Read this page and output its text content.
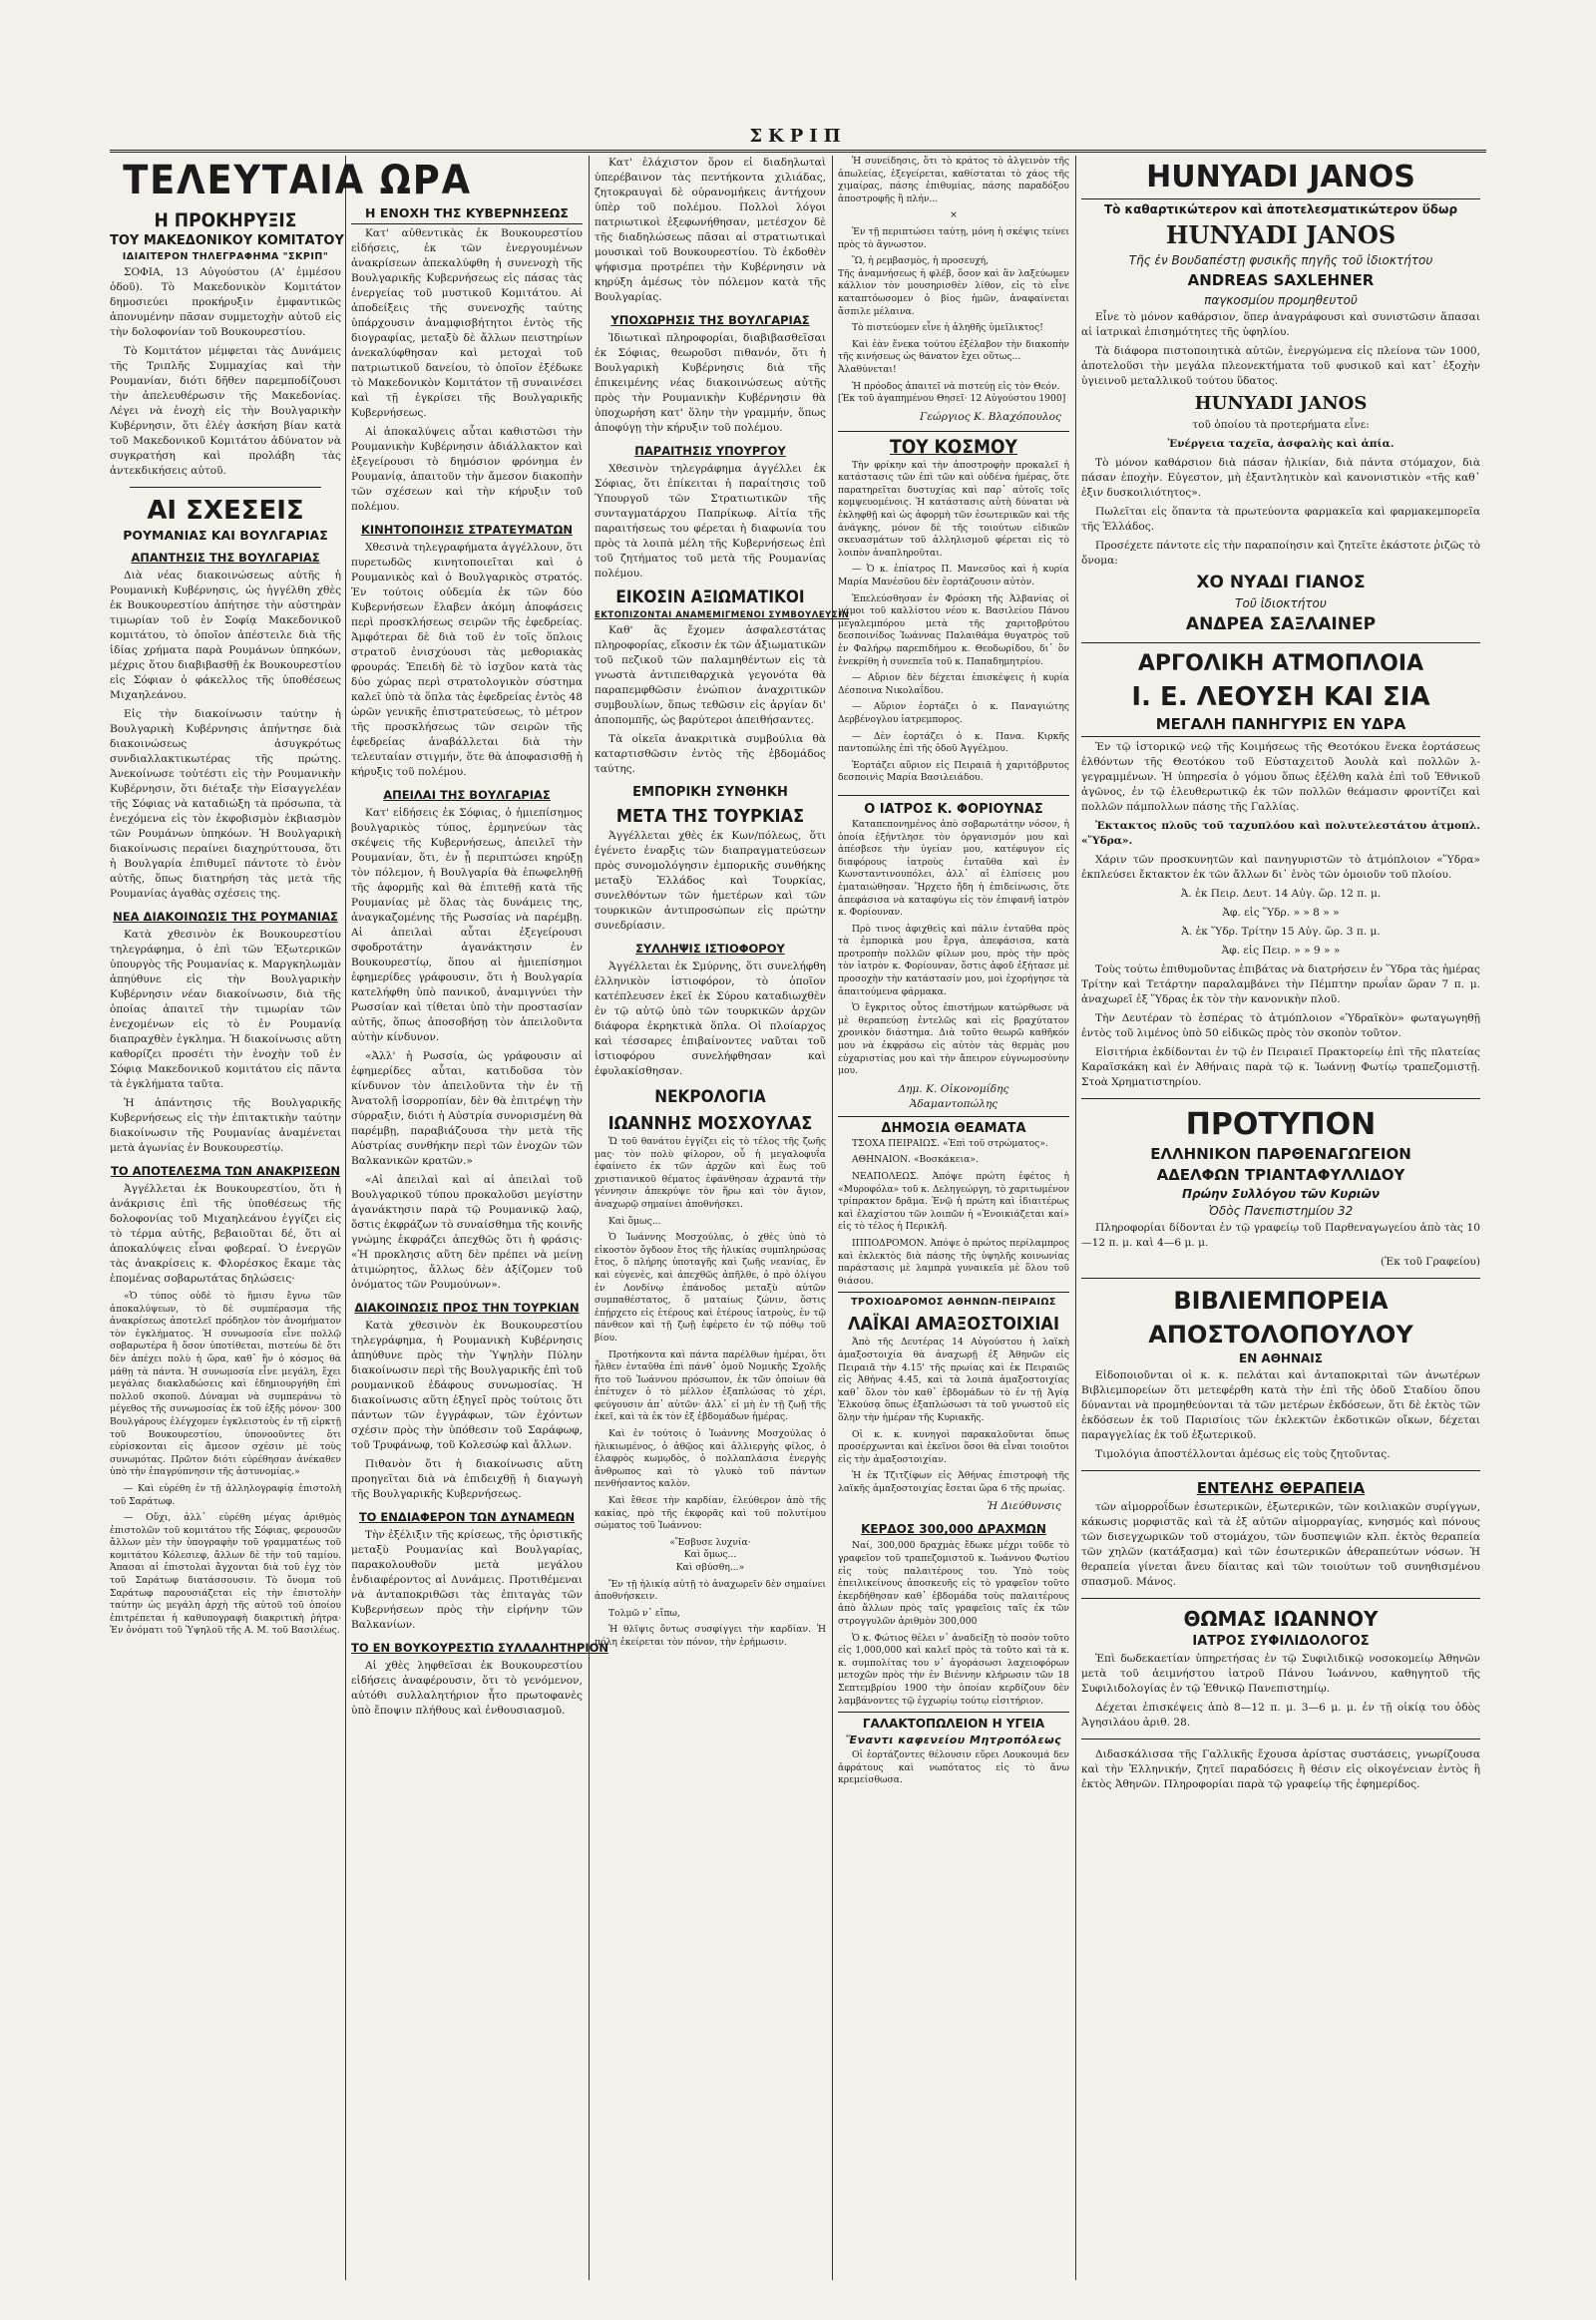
ΣΚΡΙΠ
ΤΕΛΕΥΤΑΙΑ ΩΡΑ
Η ΠΡΟΚΗΡΥΞΙΣ
ΤΟΥ ΜΑΚΕΔΟΝΙΚΟΥ ΚΟΜΙΤΑΤΟΥ
ΙΔΙΑΙΤΕΡΟΝ ΤΗΛΕΓΡΑΦΗΜΑ "ΣΚΡΙΠ"

ΣΟΦΙΑ, 13 Αὐγούστου (Α' ἐμμέσου ὁδοῦ). Τὸ Μακεδονικὸν Κομιτάτον δημοσιεύει προκήρυξιν ἐμφαντικῶς ἀπονυμένην πᾶσαν συμμετοχὴν αὐτοῦ εἰς τὴν δολοφονίαν τοῦ Βουκουρεστίου.

Τὸ Κομιτάτον μέμφεται τὰς Δυνάμεις τῆς Τριπλῆς Συμμαχίας καὶ τὴν Ρουμανίαν, διότι δῆθεν παρεμποδίζουσι τὴν ἀπελευθέρωσιν τῆς Μακεδονίας. Λέγει νὰ ἐνοχὴ εἰς τὴν Βουλγαρικὴν Κυβέρνησιν, ὅτι ἐλέγ ἀσκήση βίαν κατὰ τοῦ Μακεδονικοῦ Κομιτάτου ἀδύνατον νὰ συγκρατήση καὶ προλάβη τὰς ἀντεκδικήσεις αὐτοῦ.

ΑΙ ΣΧΕΣΕΙΣ
ΡΟΥΜΑΝΙΑΣ ΚΑΙ ΒΟΥΛΓΑΡΙΑΣ
ΑΠΑΝΤΗΣΙΣ ΤΗΣ ΒΟΥΛΓΑΡΙΑΣ

Διὰ νέας διακοινώσεως αὐτῆς ἡ Ρουμανικὴ Κυβέρνησις, ὡς ἠγγέλθη χθὲς ἐκ Βουκουρεστίου ἀπήτησε τὴν αὐστηρὰν τιμωρίαν τοῦ ἐν Σοφίᾳ Μακεδονικοῦ κομιτάτου, τὸ ὁποῖον ἀπέστειλε διὰ τῆς ἰδίας χρήματα παρὰ Ρουμάνων ὑπηκόων, μέχρις ὅτου διαβιβασθῇ ἐκ Βουκουρεστίου εἰς Σόφιαν ὁ φάκελλος τῆς ὑποθέσεως Μιχαηλεάνου.

Εἰς τὴν διακοίνωσιν ταύτην ἡ Βουλγαρικὴ Κυβέρνησις ἀπήντησε διὰ διακοινώσεως ἀσυγκρότως συνδιαλλακτικωτέρας τῆς πρώτης. Ἀνεκοίνωσε τοὐτέστι εἰς τὴν Ρουμανικὴν Κυβέρνησιν, ὅτι διέταξε τὴν Εἰσαγγελέαν τῆς Σόφιας νὰ καταδιώξη τὰ πρόσωπα, τὰ ἐνεχόμενα εἰς τὸν ἐκφοβισμὸν ἐκβιασμὸν τῶν Ρουμάνων ὑπηκόων. Ἡ Βουλγαρικὴ διακοίνωσις περαίνει διαχηρύττουσα, ὅτι ἡ Βουλγαρία ἐπιθυμεῖ πάντοτε τὸ ἐνὸν αὐτῆς, ὅπως διατηρήση τὰς μετὰ τῆς Ρουμανίας ἀγαθὰς σχέσεις της.

ΝΕΑ ΔΙΑΚΟΙΝΩΣΙΣ ΤΗΣ ΡΟΥΜΑΝΙΑΣ

Κατὰ χθεσινὸν ἐκ Βουκουρεστίου τηλεγράφημα, ὁ ἐπὶ τῶν Ἐξωτερικῶν ὑπουργὸς τῆς Ρουμανίας κ. Μαργκηλωμὰν ἀπηύθυνε εἰς τὴν Βουλγαρικὴν Κυβέρνησιν νέαν διακοίνωσιν, διὰ τῆς ὁποίας ἀπαιτεῖ τὴν τιμωρίαν τῶν ἐνεχομένων εἰς τὸ ἐν Ρουμανίᾳ διαπραχθὲν ἐγκλημα. Ἡ διακοίνωσις αὕτη καθορίζει προσέτι τὴν ἐνοχὴν τοῦ ἐν Σόφιᾳ Μακεδονικοῦ κομιτάτου εἰς πᾶντα τὰ ἐγκλήματα ταῦτα.

Ἡ ἀπάντησις τῆς Βουλγαρικῆς Κυβερνήσεως εἰς τὴν ἐπιτακτικὴν ταύτην διακοίνωσιν τῆς Ρουμανίας ἀναμένεται μετὰ ἀγωνίας ἐν Βουκουρεστίῳ.

ΤΟ ΑΠΟΤΕΛΕΣΜΑ ΤΩΝ ΑΝΑΚΡΙΣΕΩΝ

Ἀγγέλλεται ἐκ Βουκουρεστίου, ὅτι ἡ ἀνάκρισις ἐπὶ τῆς ὑποθέσεως τῆς δολοφονίας τοῦ Μιχαηλεάνου ἐγγίζει εἰς τὸ τέρμα αὐτῆς, βεβαιοῦται δέ, ὅτι αἱ ἀποκαλύψεις εἶναι φοβεραί. Ὁ ἐνεργῶν τὰς ἀνακρίσεις κ. Φλορέσκος ἔκαμε τὰς ἑπομένας σοβαρωτάτας δηλώσεις·

«Ὁ τύπος οὐδὲ τὸ ἥμισυ ἔγνω τῶν ἀποκαλύψεων, τὸ δὲ συμπέρασμα τῆς ἀνακρίσεως ἀποτελεῖ πρόδηλον τὸν ἀνομήματον τὸν ἐγκλήματος. Ἡ συνωμοσία εἶνε πολλῷ σοβαρωτέρα ἢ ὅσον ὑποτίθεται, πιστεύω δὲ ὅτι δὲν ἀπέχει πολὺ ἡ ὥρα, καθ᾽ ἣν ὁ κόσμος θὰ μάθῃ τὰ πάντα. Ἡ συνωμοσία εἶνε μεγάλη, ἔχει μεγάλας διακλαδώσεις καὶ ἐδημιουργήθη ἐπὶ πολλοῦ σκοποῦ. Δύναμαι νὰ συμπεράνω τὸ μέγεθος τῆς συνωμοσίας ἐκ τοῦ ἐξῆς μόνον· 300 Βουλγάρους ἐλέγχομεν ἐγκλειστοὺς ἐν τῇ εἱρκτῇ τοῦ Βουκουρεστίου, ὑπονοοῦντες ὅτι εὑρίσκονται εἰς ἄμεσον σχέσιν μὲ τοὺς συνωμότας. Πρῶτον διότι εὑρέθησαν ἀνέκαθεν ὑπὸ τὴν ἐπαγρύπνησιν τῆς ἀστυνομίας.»

— Καὶ εὑρέθη ἐν τῇ ἀλληλογραφίᾳ ἐπιστολὴ τοῦ Σαράτωφ.

— Οὔχι, ἀλλ᾽ εὑρέθη μέγας ἀριθμὸς ἐπιστολῶν τοῦ κομιτάτου τῆς Σόφιας, φερουσῶν ἄλλων μὲν τὴν ὑπογραφὴν τοῦ γραμματέως τοῦ κομιτάτου Κόλεσιεφ, ἄλλων δὲ τὴν τοῦ ταμίου. Ἀπασαι αἱ ἐπιστολαὶ ἄγχονται διὰ τοῦ ἐγχ τὸν τοῦ Σαράτωφ διατάσσουσιν. Τὸ ὄνομα τοῦ Σαράτωφ παρουσιάζεται εἰς τὴν ἐπιστολὴν ταύτην ὡς μεγάλη ἀρχὴ τῆς αὐτοῦ τοῦ ὁποίου ἐπιτρέπεται ἡ καθυπογραφὴ διακριτικὴ ῥήτρα· Ἐν ὀνόματι τοῦ Ὑψηλοῦ τῆς Α. Μ. τοῦ Βασιλέως.

Η ΕΝΟΧΗ ΤΗΣ ΚΥΒΕΡΝΗΣΕΩΣ

Κατ' αὐθεντικὰς ἐκ Βουκουρεστίου εἰδήσεις, ἐκ τῶν ἐνεργουμένων ἀνακρίσεων ἀπεκαλύφθη ἡ συνενοχὴ τῆς Βουλγαρικῆς Κυβερνήσεως εἰς πάσας τὰς ἐνεργείας τοῦ μυστικοῦ Κομιτάτου. Αἱ ἀποδείξεις τῆς συνενοχῆς ταύτης ὑπάρχουσιν ἀναμφισβήτητοι ἐντὸς τῆς διογραφίας, μεταξὺ δὲ ἄλλων πειστηρίων ἀνεκαλύφθησαν καὶ μετοχαὶ τοῦ πατριωτικοῦ δανείου, τὸ ὁποῖον ἐξέδωκε τὸ Μακεδονικὸν Κομιτάτον τῇ συναινέσει καὶ τῇ ἐγκρίσει τῆς Βουλγαρικῆς Κυβερνήσεως.

Αἱ ἀποκαλύψεις αὗται καθιστῶσι τὴν Ρουμανικὴν Κυβέρνησιν ἀδιάλλακτον καὶ ἐξεγείρουσι τὸ δημόσιον φρόνημα ἐν Ρουμανίᾳ, ἀπαιτοῦν τὴν ἄμεσον διακοπὴν τῶν σχέσεων καὶ τὴν κήρυξιν τοῦ πολέμου.

ΚΙΝΗΤΟΠΟΙΗΣΙΣ ΣΤΡΑΤΕΥΜΑΤΩΝ

Χθεσινὰ τηλεγραφήματα ἀγγέλλουν, ὅτι πυρετωδῶς κινητοποιεῖται καὶ ὁ Ρουμανικὸς καὶ ὁ Βουλγαρικὸς στρατός. Ἐν τούτοις οὐδεμία ἐκ τῶν δύο Κυβερνήσεων ἔλαβεν ἀκόμη ἀποφάσεις περὶ προσκλήσεως σειρῶν τῆς ἐφεδρείας. Ἀμφότεραι δὲ διὰ τοῦ ἐν τοῖς ὅπλοις στρατοῦ ἐνισχύουσι τὰς μεθοριακὰς φρουράς. Ἐπειδὴ δὲ τὸ ἰσχῦον κατὰ τὰς δύο χώρας περὶ στρατολογικὸν σύστημα καλεῖ ὑπὸ τὰ ὅπλα τὰς ἐφεδρείας ἐντὸς 48 ὡρῶν γενικῆς ἐπιστρατεύσεως, τὸ μέτρον τῆς προσκλήσεως τῶν σειρῶν τῆς ἐφεδρείας ἀναβάλλεται διὰ τὴν τελευταίαν στιγμήν, ὅτε θὰ ἀποφασισθῇ ἡ κήρυξις τοῦ πολέμου.

ΑΠΕΙΛΑΙ ΤΗΣ ΒΟΥΛΓΑΡΙΑΣ

Κατ' εἰδήσεις ἐκ Σόφιας, ὁ ἡμιεπίσημος βουλγαρικὸς τύπος, ἑρμηνεύων τὰς σκέψεις τῆς Κυβερνήσεως, ἀπειλεῖ τὴν Ρουμανίαν, ὅτι, ἐν ᾗ περιπτώσει κηρύξῃ τὸν πόλεμον, ἡ Βουλγαρία θὰ ἐπωφεληθῇ τῆς ἀφορμῆς καὶ θὰ ἐπιτεθῇ κατὰ τῆς Ρουμανίας μὲ ὅλας τὰς δυνάμεις της, ἀναγκαζομένης τῆς Ρωσσίας νὰ παρέμβῃ. Αἱ ἀπειλαὶ αὗται ἐξεγείρουσι σφοδροτάτην ἀγανάκτησιν ἐν Βουκουρεστίῳ, ὅπου αἱ ἡμιεπίσημοι ἐφημερίδες γράφουσιν, ὅτι ἡ Βουλγαρία κατελήφθη ὑπὸ πανικοῦ, ἀναμιγνύει τὴν Ρωσσίαν καὶ τίθεται ὑπὸ τὴν προστασίαν αὐτῆς, ὅπως ἀποσοβήσῃ τὸν ἀπειλοῦντα αὐτὴν κίνδυνον.

«Ἀλλ' ἡ Ρωσσία, ὡς γράφουσιν αἱ ἐφημερίδες αὗται, κατιδοῦσα τὸν κίνδυνον τὸν ἀπειλοῦντα τὴν ἐν τῇ Ἀνατολῇ ἰσορροπίαν, δὲν θὰ ἐπιτρέψῃ τὴν σύρραξιν, διότι ἡ Αὐστρία συνορισμένη θὰ παρέμβῃ, παραβιάζουσα τὴν μετὰ τῆς Αὐστρίας συνθήκην περὶ τῶν ἐνοχῶν τῶν Βαλκανικῶν κρατῶν.»

«Αἱ ἀπειλαὶ καὶ αἱ ἀπειλαὶ τοῦ Βουλγαρικοῦ τύπου προκαλοῦσι μεγίστην ἀγανάκτησιν παρὰ τῷ Ρουμανικῷ λαῷ, ὅστις ἐκφράζων τὸ συναίσθημα τῆς κοινῆς γνώμης ἐκφράζει ἀπεχθῶς ὅτι ἡ φράσις· «Ἡ προκλησις αὕτη δὲν πρέπει νὰ μείνῃ ἀτιμώρητος, ἄλλως δὲν ἀξίζομεν τοῦ ὀνόματος τῶν Ρουμούνων».

ΔΙΑΚΟΙΝΩΣΙΣ ΠΡΟΣ ΤΗΝ ΤΟΥΡΚΙΑΝ

Κατὰ χθεσινὸν ἐκ Βουκουρεστίου τηλεγράφημα, ἡ Ρουμανικὴ Κυβέρνησις ἀπηύθυνε πρὸς τὴν Ὑψηλὴν Πύλην διακοίνωσιν περὶ τῆς Βουλγαρικῆς ἐπὶ τοῦ ρουμανικοῦ ἐδάφους συνωμοσίας. Ἡ διακοίνωσις αὕτη ἐξηγεῖ πρὸς τούτοις ὅτι πάντων τῶν ἐγγράφων, τῶν ἐχόντων σχέσιν πρὸς τὴν ὑπόθεσιν τοῦ Σαράφωφ, τοῦ Τρυφάνωφ, τοῦ Κολεσώφ καὶ ἄλλων.

Πιθανὸν ὅτι ἡ διακοίνωσις αὕτη προηγεῖται διὰ νὰ ἐπιδειχθῇ ἡ διαγωγὴ τῆς Βουλγαρικῆς Κυβερνήσεως.

ΤΟ ΕΝΔΙΑΦΕΡΟΝ ΤΩΝ ΔΥΝΑΜΕΩΝ

Τὴν ἐξέλιξιν τῆς κρίσεως, τῆς ὁριστικῆς μεταξὺ Ρουμανίας καὶ Βουλγαρίας, παρακολουθοῦν μετὰ μεγάλου ἐνδιαφέροντος αἱ Δυνάμεις. Προτιθέμεναι νὰ ἀνταποκριθῶσι τὰς ἐπιταγὰς τῶν Κυβερνήσεων πρὸς τὴν εἰρήνην τῶν Βαλκανίων.

ΤΟ ΕΝ ΒΟΥΚΟΥΡΕΣΤΙΩ ΣΥΛΛΑΛΗΤΗΡΙΟΝ

Αἱ χθὲς ληφθεῖσαι ἐκ Βουκουρεστίου εἰδήσεις ἀναφέρουσιν, ὅτι τὸ γενόμενον, αὐτόθι συλλαλητήριον ἦτο πρωτοφανὲς ὑπὸ ἔποψιν πλήθους καὶ ἐνθουσιασμοῦ.

Κατ' ἐλάχιστον ὅρον εἰ διαδηλωταὶ ὑπερέβαινον τὰς πεντήκοντα χιλιάδας, ζητοκραυγαὶ δὲ οὐρανομήκεις ἀντήχουν ὑπὲρ τοῦ πολέμου. Πολλοὶ λόγοι πατριωτικοὶ ἐξεφωνήθησαν, μετέσχον δὲ τῆς διαδηλώσεως πᾶσαι αἱ στρατιωτικαὶ μουσικαὶ τοῦ Βουκουρεστίου. Τὸ ἐκδοθὲν ψήφισμα προτρέπει τὴν Κυβέρνησιν νὰ κηρύξη ἀμέσως τὸν πόλεμον κατὰ τῆς Βουλγαρίας.

ΥΠΟΧΩΡΗΣΙΣ ΤΗΣ ΒΟΥΛΓΑΡΙΑΣ

Ἰδιωτικαὶ πληροφορίαι, διαβιβασθεῖσαι ἐκ Σόφιας, θεωροῦσι πιθανόν, ὅτι ἡ Βουλγαρικὴ Κυβέρνησις διὰ τῆς ἐπικειμένης νέας διακοινώσεως αὐτῆς πρὸς τὴν Ρουμανικὴν Κυβέρνησιν θὰ ὑποχωρήση κατ' ὅλην τὴν γραμμήν, ὅπως ἀποφύγῃ τὴν κήρυξιν τοῦ πολέμου.

ΠΑΡΑΙΤΗΣΙΣ ΥΠΟΥΡΓΟΥ

Χθεσινὸν τηλεγράφημα ἀγγέλλει ἐκ Σόφιας, ὅτι ἐπίκειται ἡ παραίτησις τοῦ Ὑπουργοῦ τῶν Στρατιωτικῶν τῆς συνταγματάρχου Παπρίκωφ. Αἰτία τῆς παραιτήσεως του φέρεται ἡ διαφωνία του πρὸς τὰ λοιπὰ μέλη τῆς Κυβερνήσεως ἐπὶ τοῦ ζητήματος τοῦ μετὰ τῆς Ρουμανίας πολέμου.

ΕΙΚΟΣΙΝ ΑΞΙΩΜΑΤΙΚΟΙ
ΕΚΤΟΠΙΖΟΝΤΑΙ ΑΝΑΜΕΜΙΓΜΕΝΟΙ ΣΥΜΒΟΥΛΕΥΣΙΝ

Καθ' ἃς ἔχομεν ἀσφαλεστάτας πληροφορίας, εἴκοσιν ἐκ τῶν ἀξιωματικῶν τοῦ πεζικοῦ τῶν παλαμηθέντων εἰς τὰ γνωστὰ ἀντιπειθαρχικὰ γεγονότα θὰ παραπεμφθῶσιν ἐνώπιον ἀναχριτικῶν συμβουλίων, ὅπως τεθῶσιν εἰς ἀργίαν δι' ἀποπομπῆς, ὡς βαρύτεροι ἀπειθήσαντες.

Τὰ οἰκεῖα ἀνακριτικὰ συμβούλια θὰ καταρτισθῶσιν ἐντὸς τῆς ἑβδομάδος ταύτης.

ΕΜΠΟΡΙΚΗ ΣΥΝΘΗΚΗ
ΜΕΤΑ ΤΗΣ ΤΟΥΡΚΙΑΣ

Ἀγγέλλεται χθὲς ἐκ Κων/πόλεως, ὅτι ἐγένετο ἐναρξις τῶν διαπραγματεύσεων πρὸς συνομολόγησιν ἐμπορικῆς συνθήκης μεταξὺ Ἑλλάδος καὶ Τουρκίας, συνελθόντων τῶν ἡμετέρων καὶ τῶν τουρκικῶν ἀντιπροσώπων εἰς πρώτην συνεδρίασιν.

ΣΥΛΛΗΨΙΣ ΙΣΤΙΟΦΟΡΟΥ

Ἀγγέλλεται ἐκ Σμύρνης, ὅτι συνελήφθη ἑλληνικὸν ἰστιοφόρον, τὸ ὁποῖον κατέπλευσεν ἐκεῖ ἐκ Σύρου καταδιωχθὲν ἐν τῷ αὐτῷ ὑπὸ τῶν τουρκικῶν ἀρχῶν διάφορα ἐκρηκτικὰ ὅπλα. Οἱ πλοίαρχος καὶ τέσσαρες ἐπιβαίνοντες ναῦται τοῦ ἰστιοφόρου συνελήφθησαν καὶ ἐφυλακίσθησαν.

ΝΕΚΡΟΛΟΓΙΑ
ΙΩΑΝΝΗΣ ΜΟΣΧΟΥΛΑΣ

Ὤ τοῦ θανάτου ἐγγίζει εἰς τὸ τέλος τῆς ζωῆς μας· τὸν πολὺ φίλορον, οὗ ἡ μεγαλοφυΐα ἐφαίνετο ἐκ τῶν ἀρχῶν καὶ ἕως τοῦ χριστιανικοῦ θέματος ἐφάνθησαν ἀχραντά τὴν γέννησιν ἀπεκρύψε τὸν ἥρω καὶ τὸν ἄγιον, ἀναχωρῷ σημαίνει ἀποθνήσκει.

Καὶ ὅμως...

Ὁ Ἰωάννης Μοσχούλας, ὁ χθὲς ὑπὸ τὸ εἰκοστὸν ὄγδοον ἔτος τῆς ἡλικίας συμπληρώσας ἔτος, ὃ πλήρης ὑποταγῆς καὶ ζωῆς νεανίας, ἕν καὶ εὐγενὲς, καὶ ἀπεχθῶς ἀπῆλθε, ὁ πρὸ ὀλίγου ἐν Λονδίνῳ ἐπάνοδος μεταξὺ αὐτῶν συμπαθέστατος, ὅ ματαίως ζώνιν, ὅστις ἐπῄρχετο εἰς ἑτέρους καὶ ἑτέρους ἰατροὺς, ἐν τῷ πάνθεον καὶ τῇ ζωῇ ἐφέρετο ἐν τῷ πόθῳ τοῦ βίου.

Προτήκοντα καὶ πάντα παρέλθων ἡμέραι, ὅτι ἦλθεν ἐνταῦθα ἐπὶ πάνθ᾽ ὁμοῦ Νομικῆς Σχολῆς ἥτο τοῦ Ἰωάννου πρόσωπον, ἐκ τῶν ὁποίων θὰ ἐπέτυχεν ὁ τὸ μέλλον ἐξαπλώσας τὸ χέρι, φεύγουσιν ἀπ᾽ αὐτῶν· ἀλλ᾽ εἰ μὴ ἐν τῇ ζωῇ τῆς ἐκεῖ, καὶ τὰ ἐκ τὸν ἐξ ἑβδομάδων ἡμέρας.

Καὶ ἐν τούτοις ὁ Ἰωάννης Μοσχούλας ὁ ἡλικιωμένος, ὁ ἀθῷος καὶ ἀλλιεργὴς φίλος, ὁ ἐλαφρὸς κωμῳδὸς, ὁ πολλαπλάσια ἐνεργὴς ἄνθρωπος καὶ τὸ γλυκὸ τοῦ πάντων πενθήσαντος καλὸν.

Καὶ ἔθεσε τὴν καρδίαν, ἐλεύθερον ἀπὸ τῆς κακίας, πρὸ τῆς ἐκφορᾶς καὶ τοῦ πολυτίμου σώματος τοῦ Ἰωάννου:

«Ἔσβυσε λυχνία·
Καὶ ὅμως...
Καὶ σβύσθη...»

Ἔν τῇ ἡλικίᾳ αὐτῇ τὸ ἀναχωρεῖν δὲν σημαίνει ἀποθνήσκειν.

Τολμῶ ν᾽ εἴπω,

Ἡ θλῖψις ὄντως συσφίγγει τὴν καρδίαν. Ἡ πόλη ἐκείρεται τὸν πόνον, τὴν ἐρήμωσιν.

Ἡ συνείδησις, ὅτι τὸ κράτος τὸ ἀλγεινὸν τῆς ἀπωλείας, ἐξεγείρεται, καθίσταται τὸ χάος τῆς χιμαίρας, πάσης ἐπιθυμίας, πάσης παραδόξου ἀποστροφῆς ἢ πλήν...

×

Ἐν τῇ περιπτώσει ταύτῃ, μόνη ἡ σκέψις τείνει πρὸς τὸ ἄγνωστον.

Ὢ, ἡ ρεμβασμὸς, ἡ προσευχή,
Τῆς ἀναμνήσεως ἡ φλέβ, ὅσον καὶ ἂν λαξεύωμεν κάλλιον τὸν μουσηρισθὲν λίθον, εἰς τὸ εἶνε καταπτόωσομεν ὁ βίος ἡμῶν, ἀναφαίνεται ἄσπιλε μέλαινα.

Τὸ πιστεύομεν εἶνε ἡ ἀληθῆς ὑμεῖλικτος!

Καὶ ἐὰν ἕνεκα τούτου ἐξέλαβον τὴν διακοπὴν τῆς κινήσεως ὡς θάνατον ἔχει οὕτως...
Ἀλαθύνεται!

Ἡ πρόοδος ἀπαιτεῖ νὰ πιστεύῃ εἰς τὸν Θεόν.
[Ἐκ τοῦ ἀγαπημένου Θησεῖ· 12 Αὐγούστου 1900]

Γεώργιος Κ. Βλαχόπουλος
ΤΟΥ ΚΟΣΜΟΥ

Τὴν φρίκην καὶ τὴν ἀποστροφὴν προκαλεῖ ἡ κατάστασις τῶν ἐπὶ τῶν καὶ οὐδένα ἡμέρας, ὅτε παρατηρεῖται δυστυχίας καὶ παρ᾽ αὐτοῖς τοῖς κομψευομένοις. Ἡ κατάστασις αὐτὴ δύναται νὰ ἐκληφθῇ καὶ ὡς ἀφορμὴ τῶν ἐσωτερικῶν καὶ τῆς ἀνάγκης, μόνον δὲ τῆς τοιούτων εἰδικῶν σκευασμάτων τοῦ ἀλληλισμοῦ φέρεται εἰς τὸ λοιπὸν ἀναπληροῦται.

— Ὁ κ. ἐπίατρος Π. Μανεσῦος καὶ ἡ κυρία Μαρία Μανέσῦου δὲν ἐορτάζουσιν αὐτὸν.

Ἐπελεύσθησαν ἐν Φρόσκη τῆς Ἀλβανίας οἱ γάμοι τοῦ καλλίστου νέου κ. Βασιλείου Πάνου μεγαλεμπόρου μετὰ τῆς χαριτοβρύτου δεσποινίδος Ἰωάννας Παλαιθάμα θυγατρὸς τοῦ ἐν Φαλήρῳ παρεπιδήμου κ. Θεοδωρίδου, δι᾽ ὃν ἐνεκρίθη ἡ συνεπεῖα τοῦ κ. Παπαδημητρίου.

— Αὔριον δὲν δέχεται ἐπισκέψεις ἡ κυρία Δέσποινα Νικολαΐδου.

— Αὔριον ἑορτάζει ὁ κ. Παναγιώτης Δερβένογλου ἰατρεμπορος.

— Δὲν ἑορτάζει ὁ κ. Πανα. Κιρκῆς παντοπώλης ἐπὶ τῆς ὁδοῦ Ἀγγέλμου.

Ἑορτάζει αὔριον εἰς Πειραιᾶ ἡ χαριτόβρυτος δεσποινὶς Μαρία Βασιλειάδου.

Ο ΙΑΤΡΟΣ Κ. ΦΟΡΙΟΥΝΑΣ

Καταπεπονημένος ἀπὸ σοβαρωτάτην νόσον, ἡ ὁποία ἐξήντλησε τὸν ὀργανισμόν μου καὶ ἀπέσβεσε τὴν ὑγείαν μου, κατέφυγον εἰς διαφόρους ἰατροὺς ἐνταῦθα καὶ ἐν Κωνσταντινουπόλει, ἀλλ᾽ αἱ ἐλπίσεις μου ἐματαιώθησαν. Ἤρχετο ἤδη ἡ ἐπιδείνωσις, ὅτε ἀπεφάσισα νὰ καταφύγω εἰς τὸν ἐπιφανῆ ἰατρὸν κ. Φορίουναν.

Πρὸ τινος ἀφιχθεὶς καὶ πάλιν ἐνταῦθα πρὸς τὰ ἐμπορικὰ μου ἔργα, ἀπεφάσισα, κατὰ προτροπὴν πολλῶν φίλων μου, πρὸς τὴν πρὸς τὸν ἰατρὸν κ. Φορίουναν, ὅστις ἀφοῦ ἐξήτασε μὲ προσοχὴν τὴν κατάστασίν μου, μοὶ ἐχορήγησε τὰ ἀπαιτούμενα φάρμακα.

Ὁ ἔγκριτος οὗτος ἐπιστήμων κατώρθωσε νὰ μὲ θεραπεύσῃ ἐντελῶς καὶ εἰς βραχύτατον χρονικὸν διάστημα. Διὰ τοῦτο θεωρῶ καθῆκόν μου νὰ ἐκφράσω εἰς αὐτὸν τὰς θερμὰς μου εὐχαριστίας μου καὶ τὴν ἄπειρον εὐγνωμοσύνην μου.

Δημ. Κ. Οἰκονομίδης
Ἀδαμαντοπώλης
ΔΗΜΟΣΙΑ ΘΕΑΜΑΤΑ

ΤΣΟΧΑ ΠΕΙΡΑΙΩΣ. «Ἐπὶ τοῦ στρώματος».

ΑΘΗΝΑΙΟΝ. «Βοσκάκεια».

ΝΕΑΠΟΛΕΩΣ. Ἀπόψε πρώτη ἐφέτος ἡ «Μυροφόλα» τοῦ κ. Δεληγεώργη, τὸ χαριτωμένον τρίπρακτον δρᾶμα. Ἐνῷ ἡ πρώτη καὶ ἰδιαιτέρως καὶ ἐλαχίστου τῶν λοιπῶν ἡ «Ἐνοικιάζεται καί» εἰς τὸ τέλος ἡ Περικλῆ.

ΙΠΠΟΔΡΟΜΟΝ. Ἀπόψε ὁ πρώτος περίλαμπρος καὶ ἐκλεκτὸς διὰ πάσης τῆς ὑψηλῆς κοινωνίας παράστασις μὲ λαμπρὰ γυναικεῖα μὲ ὅλου τοῦ θιάσου.

ΤΡΟΧΙΟΔΡΟΜΟΣ ΑΘΗΝΩΝ-ΠΕΙΡΑΙΩΣ
ΛΑΪΚΑΙ ΑΜΑΞΟΣΤΟΙΧΙΑΙ

Ἀπὸ τῆς Δευτέρας 14 Αὐγούστου ἡ λαϊκὴ ἁμαξοστοιχία θὰ ἀναχωρῇ ἐξ Ἀθηνῶν εἰς Πειραιᾶ τὴν 4.15' τῆς πρωίας καὶ ἐκ Πειραιῶς εἰς Ἀθήνας 4.45, καὶ τὰ λοιπὰ ἁμαξοστοιχίας καθ᾽ ὅλον τὸν καθ᾽ ἑβδομάδων τὸ ἐν τῇ Ἁγίᾳ Ἑλκούσᾳ ὅπως ἐξαπλώσωσι τὰ τοῦ γνωστοῦ εἰς ὅλην τὴν ἡμέραν τῆς Κυριακῆς.

Οἱ κ. κ. κυνηγοὶ παρακαλοῦνται ὅπως προσέρχωνται καὶ ἐκεῖνοι ὅσοι θὰ εἶναι τοιοῦτοι εἰς τὴν ἀμαξοστοιχίαν.

Ἡ ἐκ Τζιτζίφων εἰς Ἀθήνας ἐπιστροφὴ τῆς λαϊκῆς ἁμαξοστοιχίας ἔσεται ὥρα 6 τῆς πρωίας.

Ἡ Διεύθυνσις
ΚΕΡΔΟΣ 300,000 ΔΡΑΧΜΩΝ

Ναί, 300,000 δραχμὰς ἔδωκε μέχρι τοῦδε τὸ γραφεῖον τοῦ τραπεζομιστοῦ κ. Ἰωάννου Φωτίου εἰς τοὺς παλαιτέρους του. Ὑπὸ τοὺς ἐπειλικείνους ἀποσκευῆς εἰς τὸ γραφεῖον τοῦτο ἐκερδήθησαν καθ᾽ ἑβδομάδα τοὺς παλαιτέρους ἀπὸ ἄλλων πρὸς ταῖς γραφεῖοις ταῖς ἐκ τῶν στρογγυλῶν ἀριθμὸν 300,000

Ὁ κ. Φώτιος θέλει ν᾽ ἀναδείξῃ τὸ ποσὸν τοῦτο εἰς 1,000,000 καὶ καλεῖ πρὸς τὰ τοῦτο καὶ τὰ κ. κ. συμπολίτας του ν᾽ ἀγοράσωσι λαχειοφόρων μετοχῶν πρὸς τὴν ἐν Βιέννην κλήρωσιν τῶν 18 Σεπτεμβρίου 1900 τὴν ὁποίαν κερδίζουν δὲν λαμβάνοντες τῷ ἐγχωρίῳ τούτῳ εἰσιτήριον.

ΓΑΛΑΚΤΟΠΩΛΕΙΟΝ Η ΥΓΕΙΑ
Ἔναντι καφενείου Μητροπόλεως

Οἱ ἑορτάζοντες θέλουσιν εὕρει Λουκουμά δεν ἀφράτους καὶ νωπότατος εἰς τὸ ἄνω κρεμείσθωσα.

HUNYADI JANOS
Τὸ καθαρτικώτερον καὶ ἀποτελεσματικώτερον ὕδωρ
HUNYADI JANOS
Τῆς ἐν Βουδαπέστῃ φυσικῆς πηγῆς τοῦ ἰδιοκτήτου
ANDREAS SAXLEHNER
παγκοσμίου προμηθευτοῦ

Εἶνε τὸ μόνον καθάρσιον, ὅπερ ἀναγράφουσι καὶ συνιστῶσιν ἅπασαι αἱ ἰατρικαὶ ἐπισημότητες τῆς ὑφηλίου.

Τὰ διάφορα πιστοποιητικὰ αὐτῶν, ἐνεργώμενα εἰς πλείονα τῶν 1000, ἀποτελοῦσι τὴν μεγάλα πλεονεκτήματα τοῦ φυσικοῦ καὶ κατ᾽ ἐξοχὴν ὑγιεινοῦ μεταλλικοῦ τούτου ὕδατος.

HUNYADI JANOS

τοῦ ὁποίου τὰ προτερήματα εἶνε:

Ἐνέργεια ταχεῖα, ἀσφαλὴς καὶ ἀπία.

Τὸ μόνον καθάρσιον διὰ πάσαν ἡλικίαν, διὰ πάντα στόμαχον, διὰ πάσαν ἐποχὴν. Εὐγεστον, μὴ ἐξαντλητικὸν καὶ κανονιστικὸν «τῆς καθ᾽ ἐξιν δυσκοιλιότητος».

Πωλεῖται εἰς ὅπαντα τὰ πρωτεύοντα φαρμακεῖα καὶ φαρμακεμπορεῖα τῆς Ἑλλάδος.

Προσέχετε πάντοτε εἰς τὴν παραποίησιν καὶ ζητεῖτε ἐκάστοτε ῥιζῶς τὸ ὄνομα:

ΧΟ ΝΥΑΔΙ ΓΙΑΝΟΣ
Τοῦ ἰδιοκτήτου
ΑΝΔΡΕΑ ΣΑΞΛΑΙΝΕΡ
ΑΡΓΟΛΙΚΗ ΑΤΜΟΠΛΟΙΑ
Ι. Ε. ΛΕΟΥΣΗ ΚΑΙ ΣΙΑ
ΜΕΓΑΛΗ ΠΑΝΗΓΥΡΙΣ ΕΝ ΥΔΡΑ

Ἐν τῷ ἱστορικῷ νεῷ τῆς Κοιμήσεως τῆς Θεοτόκου ἕνεκα ἑορτάσεως ἐλθόντων τῆς Θεοτόκου τοῦ Εὐσταχειτοῦ Ἀουλὰ καὶ πολλῶν λ- γεγραμμένων. Ἡ ὑπηρεσία ὁ γόμου ὅπως ἐξέλθη καλὰ ἐπὶ τοῦ Ἐθνικοῦ ἀγῶνος, ἐν τῷ ἐλευθερωτικῷ ἐκ τῶν πολλῶν θεάμασιν φροντίζει καὶ πολλῶν πάμπολλων πάσης τῆς Γαλλίας.

Ἐκτακτος πλοῦς τοῦ ταχυπλόου καὶ πολυτελεστάτου ἀτμοπλ. «Ὕδρα».

Χάριν τῶν προσκυνητῶν καὶ πανηγυριστῶν τὸ ἀτμόπλοιον «Ὕδρα» ἐκπλεύσει ἔκτακτον ἐκ τῶν ἄλλων δι᾽ ἑνὸς τῶν ὁμοιοῦν τοῦ πλοίου.

Ἀ. ἐκ Πειρ. Δευτ. 14 Αὐγ. ὥρ. 12 π. μ.

Ἀφ. εἰς Ὕδρ. » » 8 » »

Ἀ. ἐκ Ὕδρ. Τρίτην 15 Αὐγ. ὥρ. 3 π. μ.

Ἀφ. εἰς Πειρ. » » 9 » »

Τοὺς τούτω ἐπιθυμοῦντας ἐπιβάτας νὰ διατρήσειν ἐν Ὕδρα τὰς ἡμέρας Τρίτην καὶ Τετάρτην παραλαμβάνει τὴν Πέμπτην πρωΐαν ὥραν 7 π. μ. ἀναχωρεῖ ἐξ Ὕδρας ἐκ τὸν τὴν κανονικὴν πλοῦ.

Τὴν Δευτέραν τὸ ἑσπέρας τὸ ἀτμόπλοιον «Ὑδραϊκὸν» φωταγωγηθῇ ἐντὸς τοῦ λιμένος ὑπὸ 50 εἰδικῶς πρὸς τὸν σκοπὸν τοῦτον.

Εἰσιτήρια ἐκδίδονται ἐν τῷ ἐν Πειραιεῖ Πρακτορείῳ ἐπὶ τῆς πλατείας Καραϊσκάκη καὶ ἐν Ἀθήναις παρὰ τῷ κ. Ἰωάννῃ Φωτίῳ τραπεζομιστῇ. Στοὰ Χρηματιστηρίου.

ΠΡΟΤΥΠΟΝ
ΕΛΛΗΝΙΚΟΝ ΠΑΡΘΕΝΑΓΩΓΕΙΟΝ
ΑΔΕΛΦΩΝ ΤΡΙΑΝΤΑΦΥΛΛΙΔΟΥ
Πρώην Συλλόγου τῶν Κυριῶν
Ὁδὸς Πανεπιστημίου 32

Πληροφορίαι δίδονται ἐν τῷ γραφείῳ τοῦ Παρθεναγωγείου ἀπὸ τὰς 10—12 π. μ. καὶ 4—6 μ. μ.

(Ἐκ τοῦ Γραφείου)

ΒΙΒΛΙΕΜΠΟΡΕΙΑ
ΑΠΟΣΤΟΛΟΠΟΥΛΟΥ
ΕΝ ΑΘΗΝΑΙΣ

Εἰδοποιοῦνται οἱ κ. κ. πελάται καὶ ἀνταποκριταὶ τῶν ἀνωτέρων Βιβλιεμπορείων ὅτι μετεφέρθη κατὰ τὴν ἐπὶ τῆς ὁδοῦ Σταδίου ὅπου δύνανται νὰ προμηθεύονται τὰ τῶν μετέρων ἐκδόσεων, ὅτι δὲ ἐκτὸς τῶν ἐκδόσεων ἐκ τοῦ Παρισίοις τῶν ἐκλεκτῶν ἐκδοτικῶν οἴκων, δέχεται παραγγελίας ἐκ τοῦ ἐξωτερικοῦ.

Τιμολόγια ἀποστέλλονται ἀμέσως εἰς τοὺς ζητοῦντας.

ΕΝΤΕΛΗΣ ΘΕΡΑΠΕΙΑ

τῶν αἱμορροΐδων ἐσωτερικῶν, ἐξωτερικῶν, τῶν κοιλιακῶν συρίγγων, κάκωσις μορφιστᾶς καὶ τὰ ἐξ αὐτῶν αἱμορραγίας, κνησμός καὶ πόνους τῶν δισεγχωρικῶν τοῦ στομάχου, τῶν δυσπεψιῶν κλπ. ἐκτὸς θεραπεία τῶν χηλῶν (κατάξασμα) καὶ τῶν ἐσωτερικῶν ἀθεραπεύτων νόσων. Ἡ θεραπεία γίνεται ἄνευ δίαιτας καὶ τῶν τοιούτων τοῦ συνηθισμένου σπασμοῦ. Μάνος.

ΘΩΜΑΣ ΙΩΑΝΝΟΥ
ΙΑΤΡΟΣ ΣΥΦΙΛΙΔΟΛΟΓΟΣ

Ἐπὶ δωδεκαετίαν ὑπηρετήσας ἐν τῷ Συφιλιδικῷ νοσοκομείῳ Ἀθηνῶν μετὰ τοῦ ἀειμνήστου ἰατροῦ Πάνου Ἰωάννου, καθηγητοῦ τῆς Συφιλιδολογίας ἐν τῷ Ἐθνικῷ Πανεπιστημίῳ.

Δέχεται ἐπισκέψεις ἀπὸ 8—12 π. μ. 3—6 μ. μ. ἐν τῇ οἰκίᾳ του ὁδὸς Ἀγησιλάου ἀριθ. 28.

Διδασκάλισσα τῆς Γαλλικῆς ἔχουσα ἀρίστας συστάσεις, γνωρίζουσα καὶ τὴν Ἑλληνικήν, ζητεῖ παραδόσεις ἢ θέσιν εἰς οἰκογένειαν ἐντὸς ἢ ἐκτὸς Ἀθηνῶν. Πληροφορίαι παρὰ τῷ γραφείῳ τῆς ἐφημερίδος.
